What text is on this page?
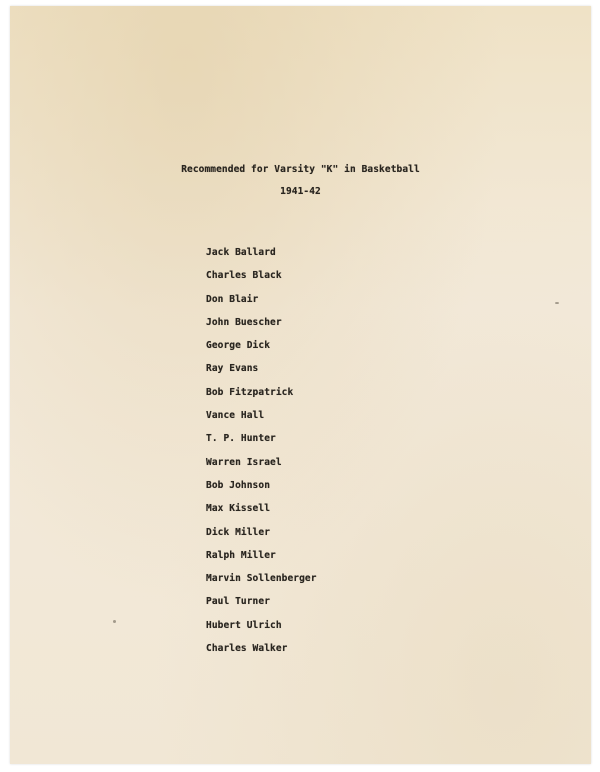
Recommended for Varsity "K" in Basketball
1941-42
Jack Ballard
Charles Black
Don Blair
John Buescher
George Dick
Ray Evans
Bob Fitzpatrick
Vance Hall
T. P. Hunter
Warren Israel
Bob Johnson
Max Kissell
Dick Miller
Ralph Miller
Marvin Sollenberger
Paul Turner
Hubert Ulrich
Charles Walker
